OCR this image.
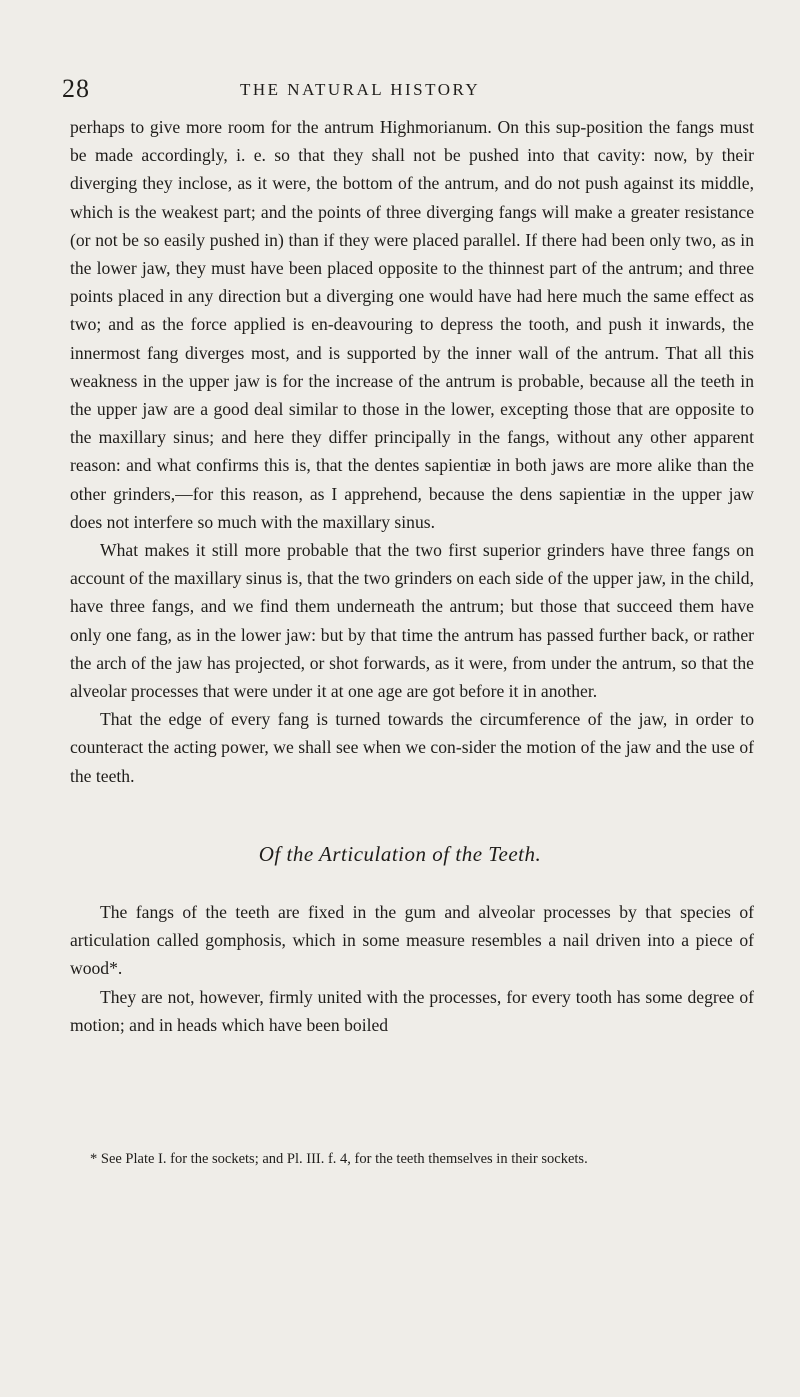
28	THE NATURAL HISTORY

perhaps to give more room for the antrum Highmorianum. On this sup-position the fangs must be made accordingly, i. e. so that they shall not be pushed into that cavity: now, by their diverging they inclose, as it were, the bottom of the antrum, and do not push against its middle, which is the weakest part; and the points of three diverging fangs will make a greater resistance (or not be so easily pushed in) than if they were placed parallel. If there had been only two, as in the lower jaw, they must have been placed opposite to the thinnest part of the antrum; and three points placed in any direction but a diverging one would have had here much the same effect as two; and as the force applied is en-deavouring to depress the tooth, and push it inwards, the innermost fang diverges most, and is supported by the inner wall of the antrum. That all this weakness in the upper jaw is for the increase of the antrum is probable, because all the teeth in the upper jaw are a good deal similar to those in the lower, excepting those that are opposite to the maxillary sinus; and here they differ principally in the fangs, without any other apparent reason: and what confirms this is, that the dentes sapientiæ in both jaws are more alike than the other grinders,—for this reason, as I apprehend, because the dens sapientiæ in the upper jaw does not interfere so much with the maxillary sinus.

What makes it still more probable that the two first superior grinders have three fangs on account of the maxillary sinus is, that the two grinders on each side of the upper jaw, in the child, have three fangs, and we find them underneath the antrum; but those that succeed them have only one fang, as in the lower jaw: but by that time the antrum has passed further back, or rather the arch of the jaw has projected, or shot forwards, as it were, from under the antrum, so that the alveolar processes that were under it at one age are got before it in another.

That the edge of every fang is turned towards the circumference of the jaw, in order to counteract the acting power, we shall see when we con-sider the motion of the jaw and the use of the teeth.

Of the Articulation of the Teeth.

The fangs of the teeth are fixed in the gum and alveolar processes by that species of articulation called gomphosis, which in some measure resembles a nail driven into a piece of wood*.

They are not, however, firmly united with the processes, for every tooth has some degree of motion; and in heads which have been boiled

* See Plate I. for the sockets; and Pl. III. f. 4, for the teeth themselves in their sockets.
